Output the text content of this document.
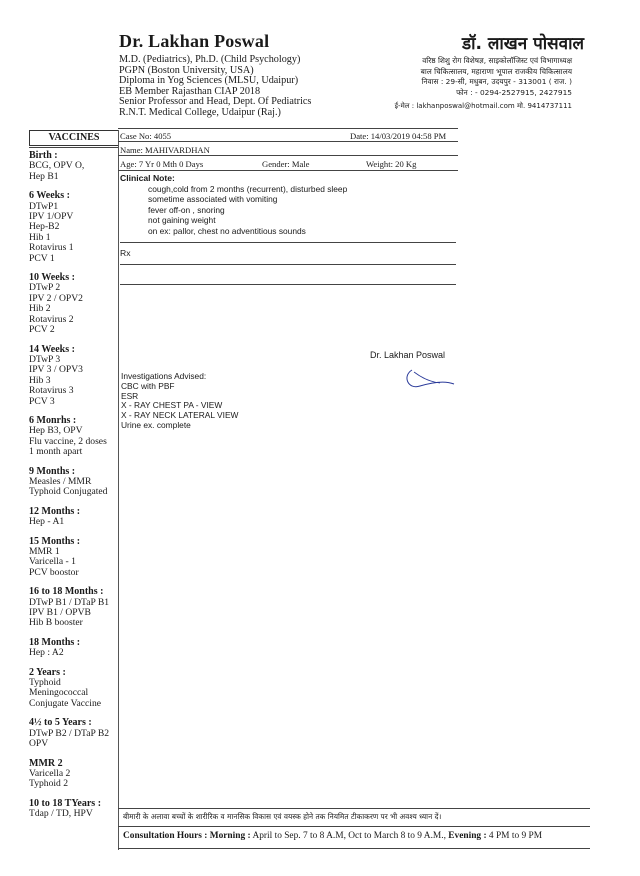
Dr. Lakhan Poswal
M.D. (Pediatrics), Ph.D. (Child Psychology)
PGPN (Boston University, USA)
Diploma in Yog Sciences (MLSU, Udaipur)
EB Member Rajasthan CIAP 2018
Senior Professor and Head, Dept. Of Pediatrics
R.N.T. Medical College, Udaipur (Raj.)
डॉ. लाखन पोसवाल
वरिष्ठ शिशु रोग विशेषज्ञ, साइकोलॉजिस्ट एवं विभागाध्यक्ष
बाल चिकित्सालय, महाराणा भूपाल राजकीय चिकित्सालय
निवास : 29-सी, मधुबन, उदयपुर - 313001 ( राज. )
फोन : - 0294-2527915, 2427915
ई-मेल : lakhanposwal@hotmail.com मो. 9414737111
VACCINES
Birth :
BCG, OPV O,
Hep B1
6 Weeks :
DTwP1
IPV 1/OPV
Hep-B2
Hib 1
Rotavirus 1
PCV 1
10 Weeks :
DTwP 2
IPV 2 / OPV2
Hib 2
Rotavirus 2
PCV 2
14 Weeks :
DTwP 3
IPV 3 / OPV3
Hib 3
Rotavirus 3
PCV 3
6 Monrhs :
Hep B3, OPV
Flu vaccine, 2 doses
1 month apart
9 Months :
Measles / MMR
Typhoid Conjugated
12 Months :
Hep - A1
15 Months :
MMR 1
Varicella - 1
PCV boostor
16 to 18 Months :
DTwP B1 / DTaP B1
IPV B1 / OPVB
Hib B booster
18 Months :
Hep : A2
2 Years :
Typhoid
Meningococcal
Conjugate Vaccine
4½ to 5 Years :
DTwP B2 / DTaP B2
OPV
MMR 2
Varicella 2
Typhoid 2
10 to 18 TYears :
Tdap / TD, HPV
Case No: 4055	Date: 14/03/2019 04:58 PM
Name: MAHIVARDHAN
Age: 7 Yr 0 Mth 0 Days	Gender: Male	Weight: 20 Kg
Clinical Note:
cough,cold from 2 months (recurrent), disturbed sleep
sometime associated with vomiting
fever off-on , snoring
not gaining weight
on ex: pallor, chest no adventitious sounds
Rx
Dr. Lakhan Poswal
Investigations Advised:
CBC with PBF
ESR
X - RAY CHEST PA - VIEW
X - RAY NECK LATERAL VIEW
Urine ex. complete
बीमारी के अलावा बच्चों के शारीरिक व मानसिक विकास एवं वयस्क होने तक नियमित टीकाकरण पर भी अवश्य ध्यान दें।
Consultation Hours : Morning : April to Sep. 7 to 8 A.M, Oct to March 8 to 9 A.M., Evening : 4 PM to 9 PM
